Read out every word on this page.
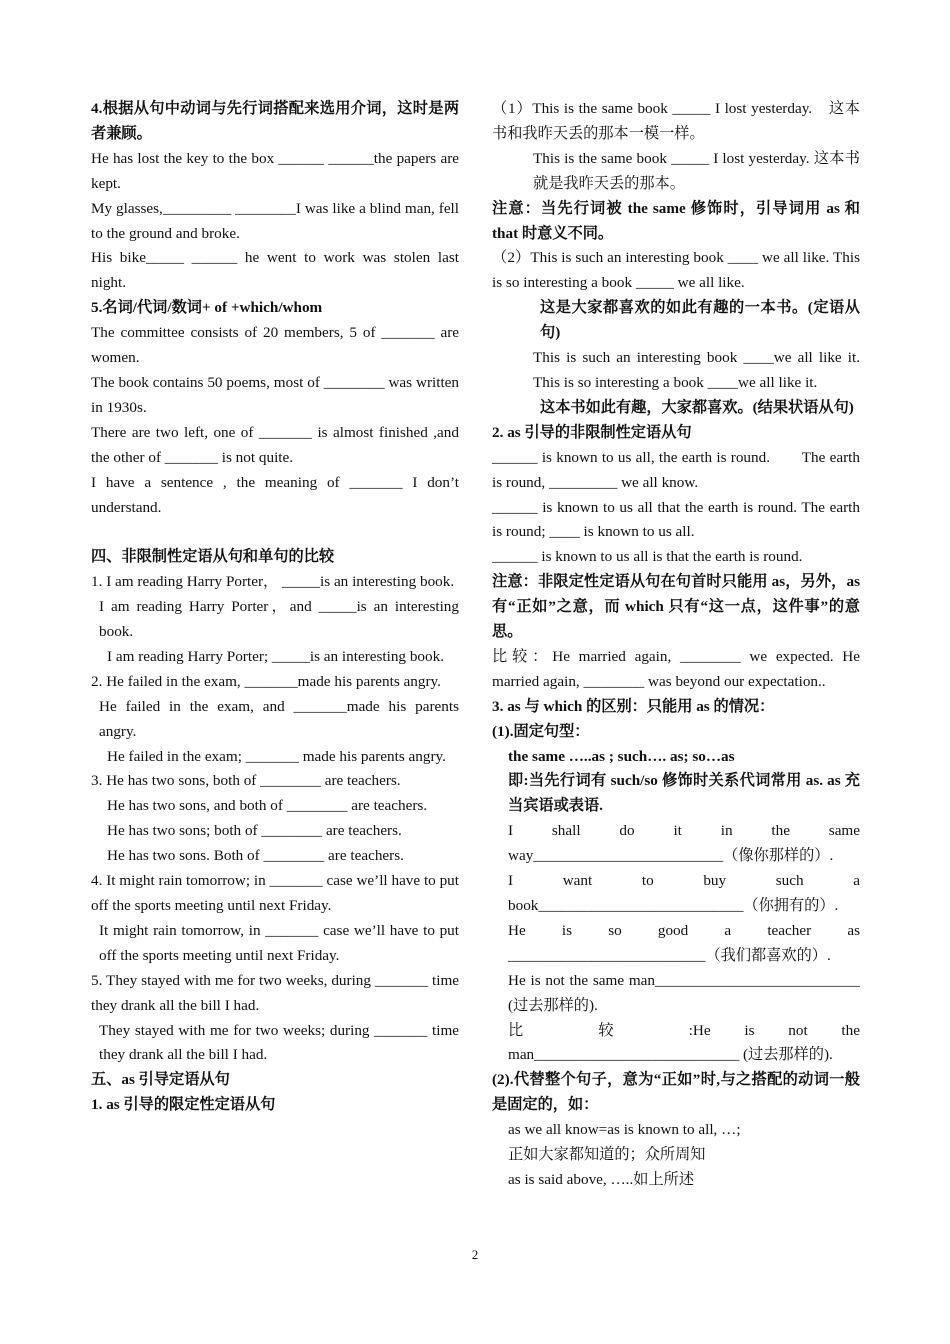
4.根据从句中动词与先行词搭配来选用介词，这时是两者兼顾。

He has lost the key to the box ______ ______the papers are kept.

My glasses,_________ ________I was like a blind man, fell to the ground and broke.

His bike_____ ______ he went to work was stolen last night.

5.名词/代词/数词+ of +which/whom

The committee consists of 20 members, 5 of _______ are women.

The book contains 50 poems, most of ________ was written in 1930s.

There are two left, one of _______ is almost finished ,and the other of _______ is not quite.

I have a sentence , the meaning of _______ I don’t understand.

四、非限制性定语从句和单句的比较

1. I am reading Harry Porter， _____is an interesting book.

I am reading Harry Porter，and _____is an interesting book.

I am reading Harry Porter; _____is an interesting book.

2. He failed in the exam, _______made his parents angry.

He failed in the exam, and _______made his parents angry.

He failed in the exam; _______ made his parents angry.

3. He has two sons, both of ________ are teachers.

He has two sons, and both of ________ are teachers.

He has two sons; both of ________ are teachers.

He has two sons. Both of ________ are teachers.

4. It might rain tomorrow; in _______ case we’ll have to put off the sports meeting until next Friday.

It might rain tomorrow, in _______ case we’ll have to put off the sports meeting until next Friday.

5. They stayed with me for two weeks, during _______ time they drank all the bill I had.

They stayed with me for two weeks; during _______ time they drank all the bill I had.

五、as 引导定语从句

1. as 引导的限定性定语从句

（1）This is the same book _____ I lost yesterday.　这本书和我昨天丢的那本一模一样。

This is the same book _____ I lost yesterday. 这本书就是我昨天丢的那本。

注意：当先行词被 the same 修饰时，引导词用 as 和 that 时意义不同。

（2）This is such an interesting book ____ we all like. This is so interesting a book _____ we all like.

这是大家都喜欢的如此有趣的一本书。(定语从句)

This is such an interesting book ____we all like it. This is so interesting a book ____we all like it.

这本书如此有趣，大家都喜欢。(结果状语从句)

2. as 引导的非限制性定语从句

______ is known to us all, the earth is round.　　The earth is round, _________ we all know.

______ is known to us all that the earth is round. The earth is round; ____ is known to us all.

______ is known to us all is that the earth is round.

注意：非限定性定语从句在句首时只能用 as，另外，as 有“正如”之意，而 which 只有“这一点，这件事”的意思。

比较：He married again, ________ we expected. He married again, ________ was beyond our expectation..

3. as 与 which 的区别：只能用 as 的情况：

(1).固定句型：

the same …..as ; such…. as; so…as

即:当先行词有 such/so 修饰时关系代词常用 as. as 充当宾语或表语.

I shall do it in the same way_________________________（像你那样的）.

I want to buy such a book___________________________（你拥有的）.

He is so good a teacher as __________________________（我们都喜欢的）.

He is not the same man___________________________ (过去那样的).

比　较　:He is not the man___________________________ (过去那样的).

(2).代替整个句子，意为“正如”时,与之搭配的动词一般是固定的，如：

as we all know=as is known to all, …;

正如大家都知道的；众所周知

as is said above, …..如上所述

2
